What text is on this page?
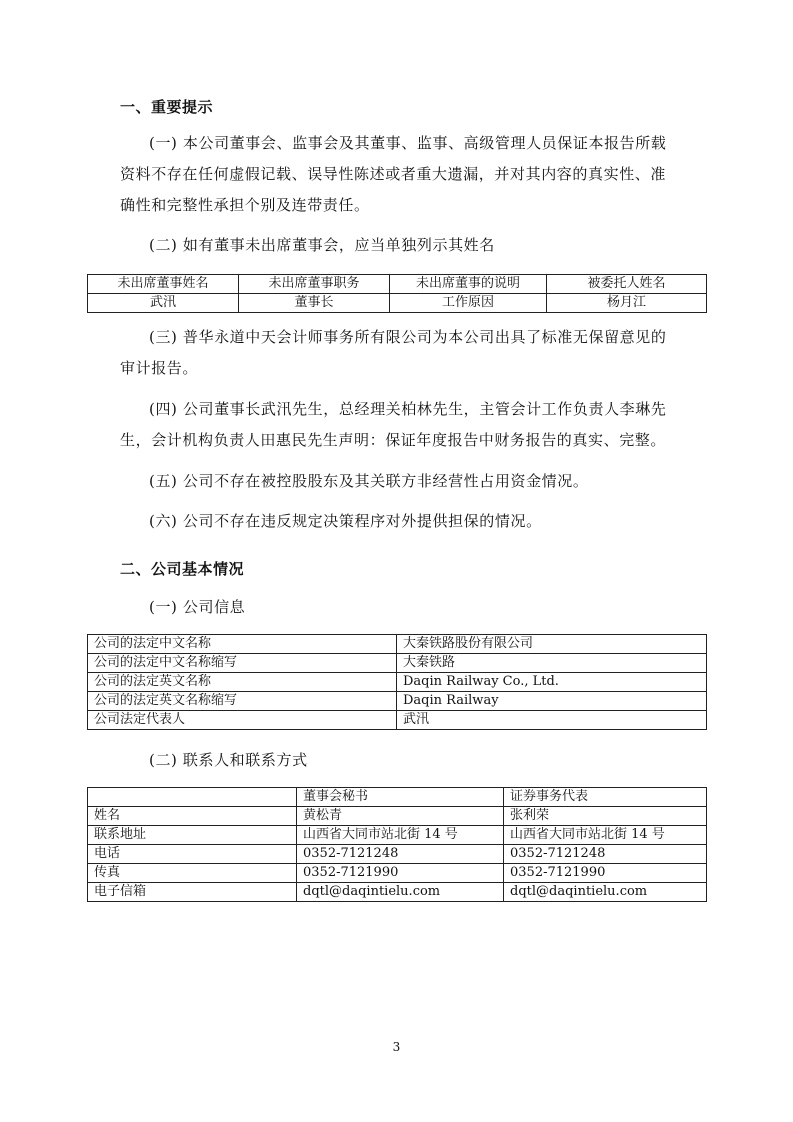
一、重要提示

(一) 本公司董事会、监事会及其董事、监事、高级管理人员保证本报告所载资料不存在任何虚假记载、误导性陈述或者重大遗漏，并对其内容的真实性、准确性和完整性承担个别及连带责任。

(二) 如有董事未出席董事会，应当单独列示其姓名
未出席董事姓名	未出席董事职务	未出席董事的说明	被委托人姓名
武汛	董事长	工作原因	杨月江

(三) 普华永道中天会计师事务所有限公司为本公司出具了标准无保留意见的审计报告。

(四) 公司董事长武汛先生，总经理关柏林先生，主管会计工作负责人李琳先生，会计机构负责人田惠民先生声明：保证年度报告中财务报告的真实、完整。

(五) 公司不存在被控股股东及其关联方非经营性占用资金情况。
(六) 公司不存在违反规定决策程序对外提供担保的情况。
二、公司基本情况
(一) 公司信息
公司的法定中文名称	大秦铁路股份有限公司
公司的法定中文名称缩写	大秦铁路
公司的法定英文名称	Daqin Railway Co., Ltd.
公司的法定英文名称缩写	Daqin Railway
公司法定代表人	武汛
(二) 联系人和联系方式
	董事会秘书	证券事务代表
姓名	黄松青	张利荣
联系地址	山西省大同市站北街 14 号	山西省大同市站北街 14 号
电话	0352-7121248	0352-7121248
传真	0352-7121990	0352-7121990
电子信箱	dqtl@daqintielu.com	dqtl@daqintielu.com
3
